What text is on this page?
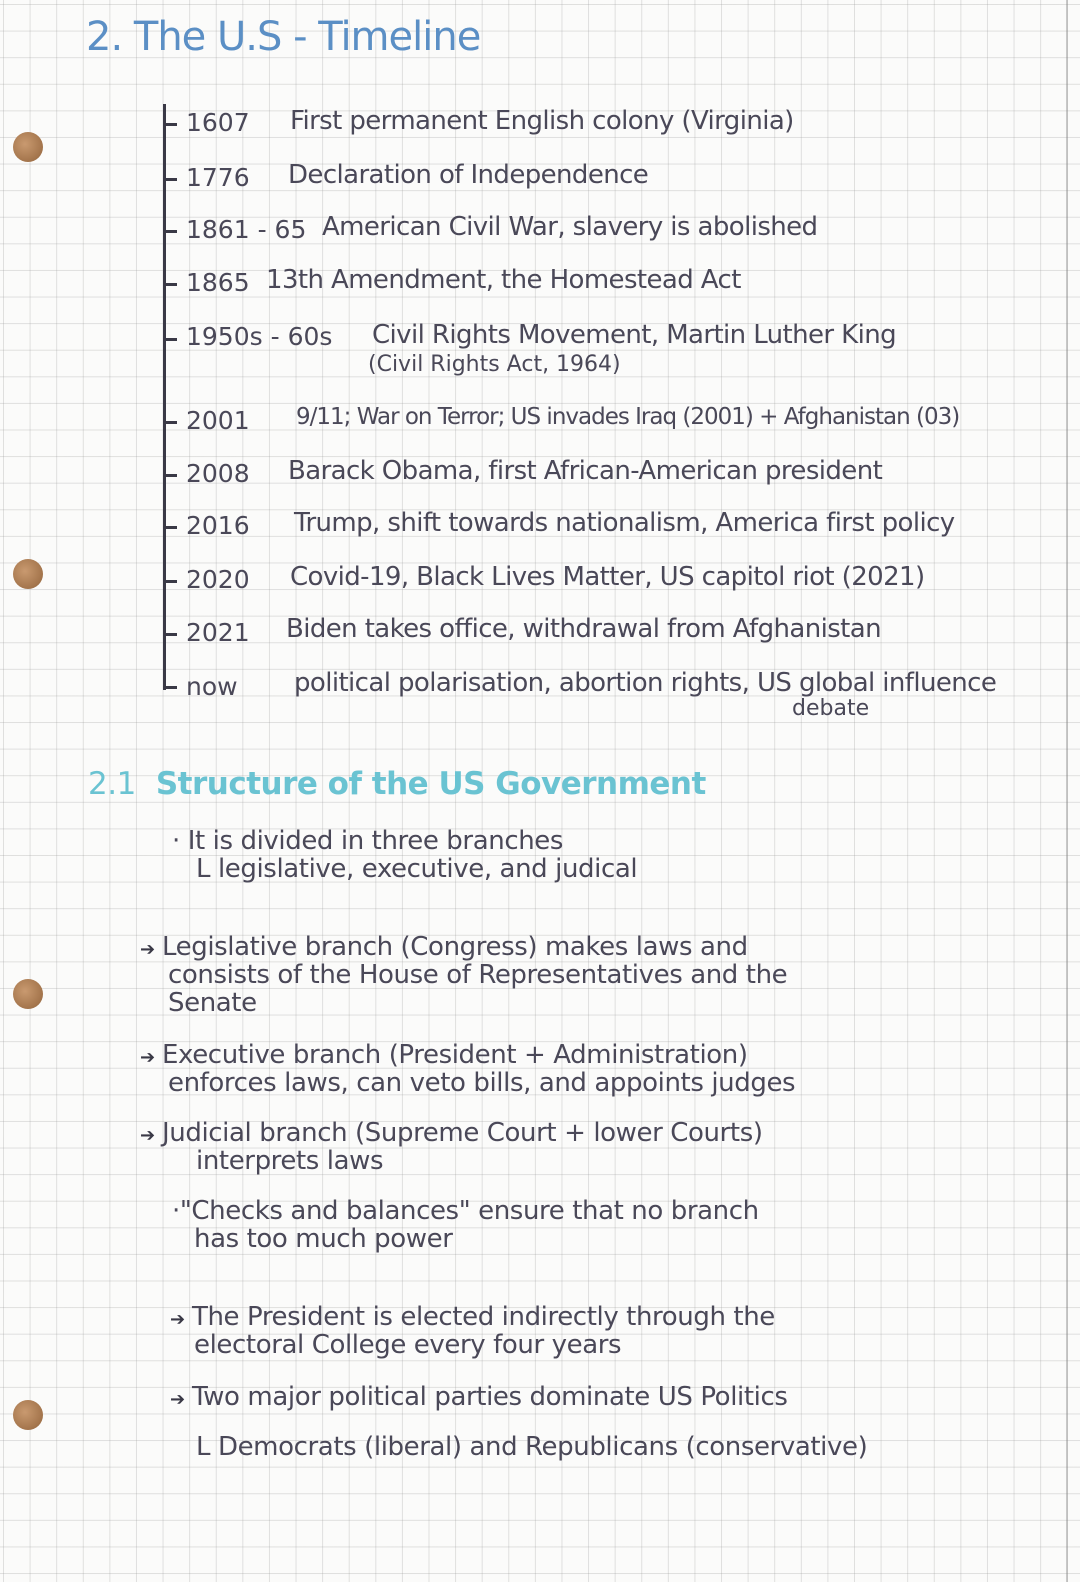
2. The U.S - Timeline
1607 First permanent English colony (Virginia)
1776 Declaration of Independence
1861 - 65 American Civil War, slavery is abolished
1865 13th Amendment, the Homestead Act
1950s - 60s Civil Rights Movement, Martin Luther King
(Civil Rights Act, 1964)
2001 9/11; War on Terror; US invades Iraq (2001) + Afghanistan (03)
2008 Barack Obama, first African-American president
2016 Trump, shift towards nationalism, America first policy
2020 Covid-19, Black Lives Matter, US capitol riot (2021)
2021 Biden takes office, withdrawal from Afghanistan
now political polarisation, abortion rights, US global influence
debate
2.1 Structure of the US Government
· It is divided in three branches
L legislative, executive, and judical
➔ Legislative branch (Congress) makes laws and
consists of the House of Representatives and the
Senate
➔ Executive branch (President + Administration)
enforces laws, can veto bills, and appoints judges
➔ Judicial branch (Supreme Court + lower Courts)
interprets laws
·"Checks and balances" ensure that no branch
has too much power
➔ The President is elected indirectly through the
electoral College every four years
➔ Two major political parties dominate US Politics
L Democrats (liberal) and Republicans (conservative)
